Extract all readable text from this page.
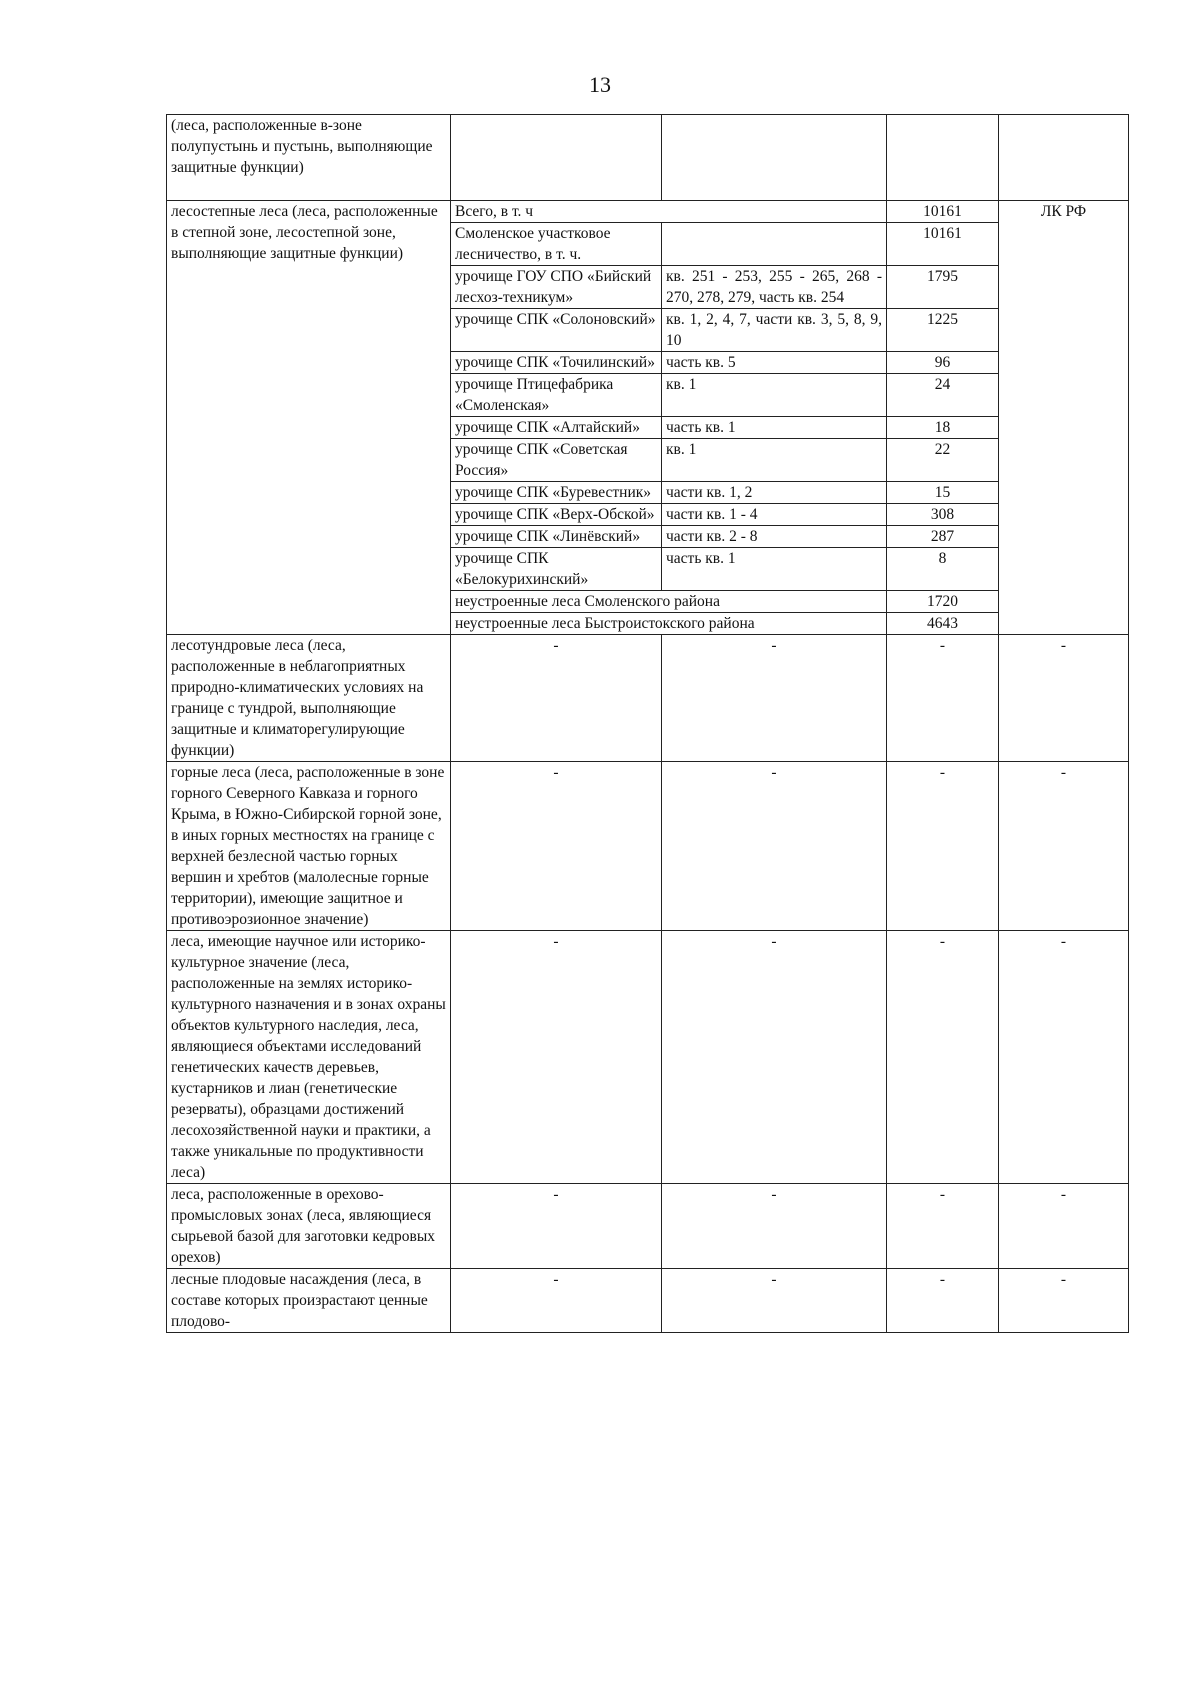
13
(леса, расположенные в-зоне полупустынь и пустынь, выполняющие защитные функции)				
лесостепные леса (леса, расположенные в степной зоне, лесостепной зоне, выполняющие защитные функции)	Всего, в т. ч		10161	ЛК РФ
	Смоленское участковое лесничество, в т. ч.		10161	
	урочище ГОУ СПО «Бийский лесхоз-техникум»	кв. 251 - 253, 255 - 265, 268 - 270, 278, 279, часть кв. 254	1795	
	урочище СПК «Солоновский»	кв. 1, 2, 4, 7, части кв. 3, 5, 8, 9, 10	1225	
	урочище СПК «Точилинский»	часть кв. 5	96	
	урочище Птицефабрика «Смоленская»	кв. 1	24	
	урочище СПК «Алтайский»	часть кв. 1	18	
	урочище СПК «Советская Россия»	кв. 1	22	
	урочище СПК «Буревестник»	части кв. 1, 2	15	
	урочище СПК «Верх-Обской»	части кв. 1 - 4	308	
	урочище СПК «Линёвский»	части кв. 2 - 8	287	
	урочище СПК «Белокурихинский»	часть кв. 1	8	
	неустроенные леса Смоленского района		1720	
	неустроенные леса Быстроистокского района		4643	
лесотундровые леса (леса, расположенные в неблагоприятных природно-климатических условиях на границе с тундрой, выполняющие защитные и климаторегулирующие функции)	-	-	-	-
горные леса (леса, расположенные в зоне горного Северного Кавказа и горного Крыма, в Южно-Сибирской горной зоне, в иных горных местностях на границе с верхней безлесной частью горных вершин и хребтов (малолесные горные территории), имеющие защитное и противоэрозионное значение)	-	-	-	-
леса, имеющие научное или историко-культурное значение (леса, расположенные на землях историко-культурного назначения и в зонах охраны объектов культурного наследия, леса, являющиеся объектами исследований генетических качеств деревьев, кустарников и лиан (генетические резерваты), образцами достижений лесохозяйственной науки и практики, а также уникальные по продуктивности леса)	-	-	-	-
леса, расположенные в орехово-промысловых зонах (леса, являющиеся сырьевой базой для заготовки кедровых орехов)	-	-	-	-
лесные плодовые насаждения (леса, в составе которых произрастают ценные плодово-	-	-	-	-
